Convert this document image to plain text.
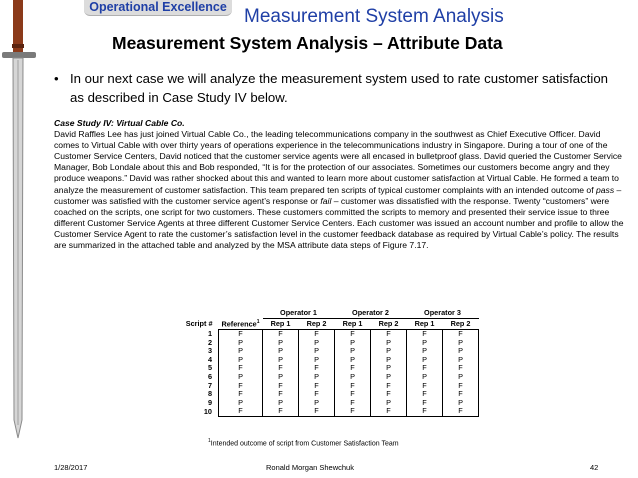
Operational Excellence Measurement System Analysis
Measurement System Analysis – Attribute Data
• In our next case we will analyze the measurement system used to rate customer satisfaction as described in Case Study IV below.
Case Study IV: Virtual Cable Co.
David Raffles Lee has just joined Virtual Cable Co., the leading telecommunications company in the southwest as Chief Executive Officer. David comes to Virtual Cable with over thirty years of operations experience in the telecommunications industry in Singapore. During a tour of one of the Customer Service Centers, David noticed that the customer service agents were all encased in bulletproof glass. David queried the Customer Service Manager, Bob Londale about this and Bob responded, “It is for the protection of our associates. Sometimes our customers become angry and they produce weapons.” David was rather shocked about this and wanted to learn more about customer satisfaction at Virtual Cable. He formed a team to analyze the measurement of customer satisfaction. This team prepared ten scripts of typical customer complaints with an intended outcome of pass – customer was satisfied with the customer service agent’s response or fail – customer was dissatisfied with the response. Twenty “customers” were coached on the scripts, one script for two customers. These customers committed the scripts to memory and presented their service issue to three different Customer Service Agents at three different Customer Service Centers. Each customer was issued an account number and profile to allow the Customer Service Agent to rate the customer’s satisfaction level in the customer feedback database as required by Virtual Cable’s policy. The results are summarized in the attached table and analyzed by the MSA attribute data steps of Figure 7.17.
		Operator 1		Operator 2		Operator 3	
Script #	Reference$^1$	Rep 1	Rep 2	Rep 1	Rep 2	Rep 1	Rep 2
1	F	F	F	F	F	F	F
2	P	P	P	P	P	P	P
3	P	P	P	P	P	P	P
4	P	P	P	P	P	P	P
5	F	F	F	F	P	F	F
6	P	P	P	P	P	P	P
7	F	F	F	F	F	F	F
8	F	F	F	F	F	F	F
9	P	P	P	F	P	F	P
10	F	F	F	F	F	F	F
$^1$Intended outcome of script from Customer Satisfaction Team
1/28/2017	Ronald Morgan Shewchuk	42
